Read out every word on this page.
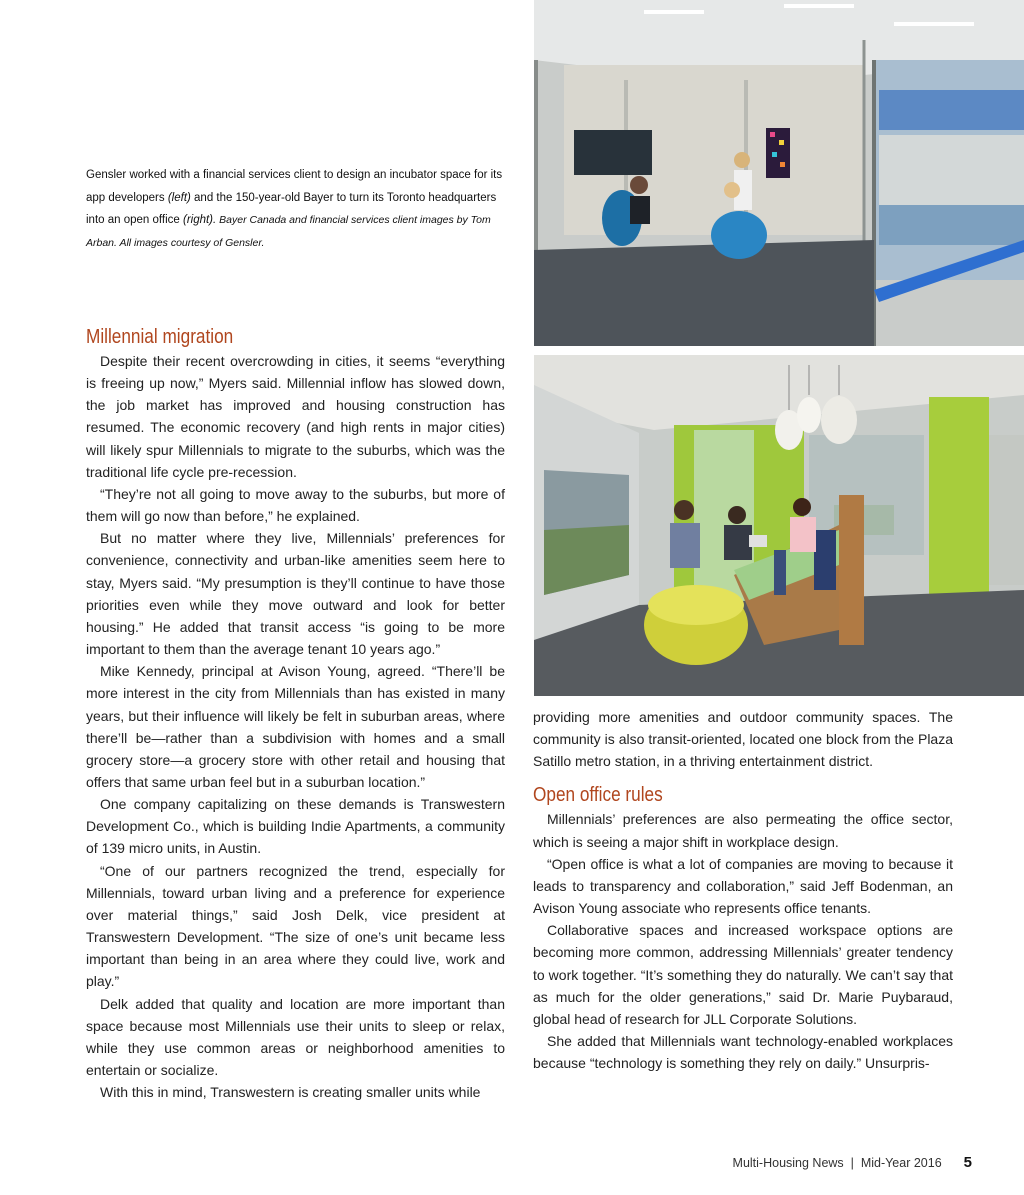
Gensler worked with a financial services client to design an incubator space for its app developers (left) and the 150-year-old Bayer to turn its Toronto headquarters into an open office (right). Bayer Canada and financial services client images by Tom Arban. All images courtesy of Gensler.
Millennial migration

Despite their recent overcrowding in cities, it seems “everything is freeing up now,” Myers said. Millennial inflow has slowed down, the job market has improved and housing construction has resumed. The economic recovery (and high rents in major cities) will likely spur Millennials to migrate to the suburbs, which was the traditional life cycle pre-recession.

“They’re not all going to move away to the suburbs, but more of them will go now than before,” he explained.

But no matter where they live, Millennials’ preferences for convenience, connectivity and urban-like amenities seem here to stay, Myers said. “My presumption is they’ll continue to have those priorities even while they move outward and look for better housing.” He added that transit access “is going to be more important to them than the average tenant 10 years ago.”

Mike Kennedy, principal at Avison Young, agreed. “There’ll be more interest in the city from Millennials than has existed in many years, but their influence will likely be felt in suburban areas, where there’ll be—rather than a subdivision with homes and a small grocery store—a grocery store with other retail and housing that offers that same urban feel but in a suburban location.”

One company capitalizing on these demands is Transwestern Development Co., which is building Indie Apartments, a community of 139 micro units, in Austin.

“One of our partners recognized the trend, especially for Millennials, toward urban living and a preference for experience over material things,” said Josh Delk, vice president at Transwestern Development. “The size of one’s unit became less important than being in an area where they could live, work and play.”

Delk added that quality and location are more important than space because most Millennials use their units to sleep or relax, while they use common areas or neighborhood amenities to entertain or socialize.

With this in mind, Transwestern is creating smaller units while

providing more amenities and outdoor community spaces. The community is also transit-oriented, located one block from the Plaza Satillo metro station, in a thriving entertainment district.

Open office rules

Millennials’ preferences are also permeating the office sector, which is seeing a major shift in workplace design.

“Open office is what a lot of companies are moving to because it leads to transparency and collaboration,” said Jeff Bodenman, an Avison Young associate who represents office tenants.

Collaborative spaces and increased workspace options are becoming more common, addressing Millennials’ greater tendency to work together. “It’s something they do naturally. We can’t say that as much for the older generations,” said Dr. Marie Puybaraud, global head of research for JLL Corporate Solutions.

She added that Millennials want technology-enabled workplaces because “technology is something they rely on daily.” Unsurpris-

Multi-Housing News  |  Mid-Year 2016 5
